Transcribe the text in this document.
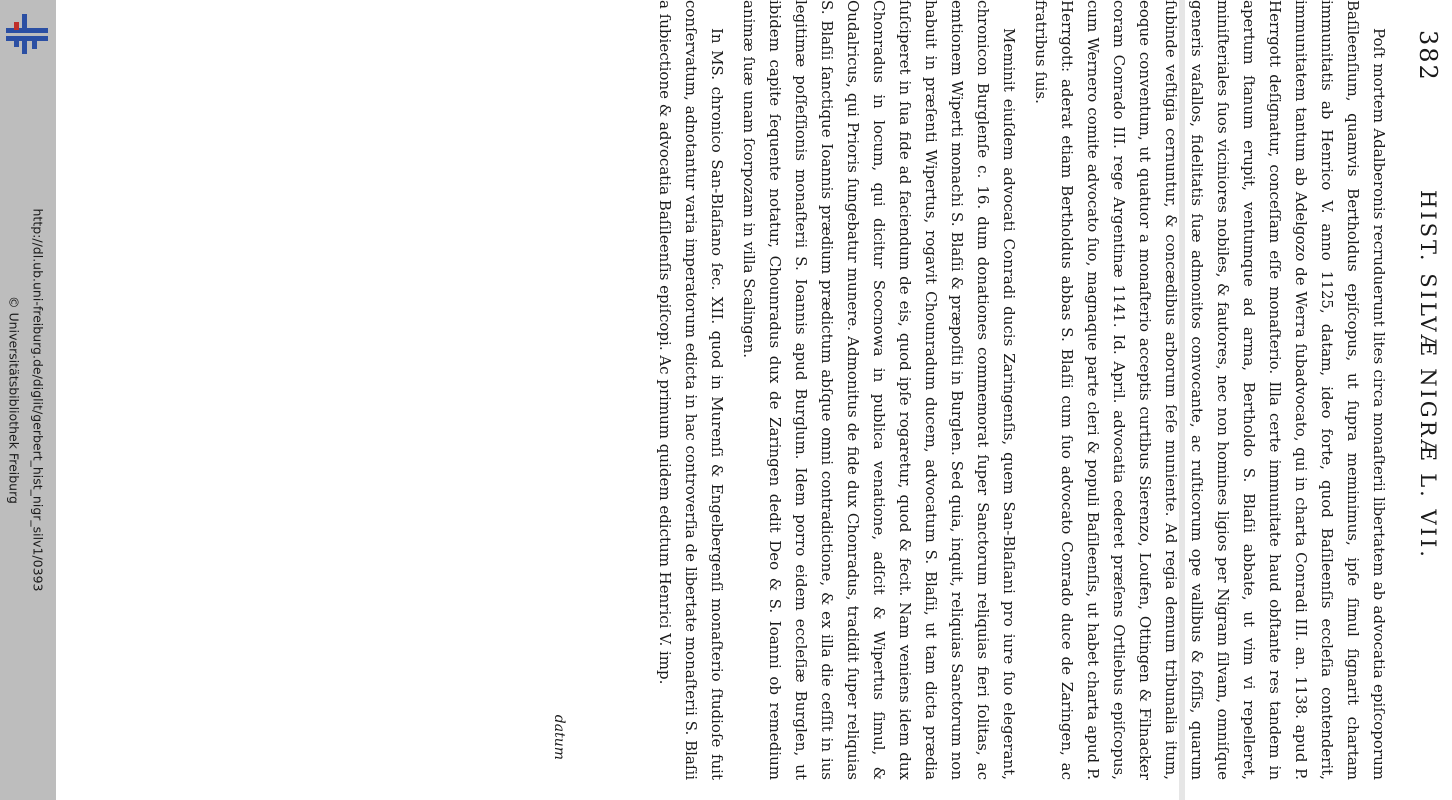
http://dl.ub.uni-freiburg.de/diglit/gerbert_hist_nigr_silv1/0393
© Universitätsbibliothek Freiburg
382
HIST. SILVÆ NIGRÆ L. VII.

Poſt mortem Adalberonis recruduerunt lites circa monaſterii libertatem ab advocatia epiſcoporum Baſileenſium, quamvis Bertholdus epiſcopus, ut ſupra meminimus, ipſe ſimul ſignarit chartam immunitatis ab Henrico V. anno 1125, datam, ideo forte, quod Baſileenſis eccleſia contenderit, immunitatem tantum ab Adelgozo de Werra ſubadvocato, qui in charta Conradi III. an. 1138. apud P. Herrgott deſignatur, conceſſam eſſe monaſterio. Illa certe immunitate haud obſtante res tandem in apertum ſtanum erupit, ventumque ad arma, Bertholdo S. Blaſii abbate, ut vim vi repelleret, miniſteriales ſuos viciniores nobiles, & fautores, nec non homines ligios per Nigram ſilvam, omniſque generis vaſallos, fidelitatis ſuæ admonitos convocante, ac ruſticorum ope vallibus & foſſis, quarum ſubinde veſtigia cernuntur, & concædibus arborum ſeſe muniente. Ad regia demum tribunalia itum, eoque conventum, ut quatuor a monaſterio acceptis curtibus Sierenzo, Loufen, Ottingen & Filnacker coram Conrado III. rege Argentinæ 1141. Id. April. advocatia cederet præſens Ortliebus epiſcopus, cum Wernero comite advocato ſuo, magnaque parte cleri & populi Baſileenſis, ut habet charta apud P. Herrgott: aderat etiam Bertholdus abbas S. Blaſii cum ſuo advocato Conrado duce de Zaringen, ac fratribus ſuis.

Meminit eiuſdem advocati Conradi ducis Zaringenſis, quem San-Blaſiani pro iure ſuo elegerant, chronicon Burglenſe c. 16. dum donationes commemorat ſuper Sanctorum reliquias fieri ſolitas, ac emtionem Wiperti monachi S. Blaſii & præpoſiti in Burglen. Sed quia, inquit, reliquias Sanctorum non habuit in præſenti Wipertus, rogavit Chounradum ducem, advocatum S. Blaſii, ut tam dicta prædia ſuſciperet in ſua fide ad faciendum de eis, quod ipſe rogaretur, quod & fecit. Nam veniens idem dux Chonradus in locum, qui dicitur Scocnowa in publica venatione, adſcit & Wipertus ſimul, & Oudalricus, qui Prioris ſungebatur munere. Admonitus de fide dux Chonradus, tradidit ſuper reliquias S. Blaſii ſanctique Ioannis prædium prædictum abſque omni contradictione, & ex illa die ceſſit in ius legitimæ poſſeſſionis monaſterii S. Ioannis apud Burglum. Idem porro eidem eccleſiæ Burglen, ut ibidem capite ſequente notatur, Chounradus dux de Zaringen dedit Deo & S. Ioanni ob remedium animæ ſuæ unam ſcorpozam in villa Scalingen.

In MS. chronico San-Blaſiano ſec. XII. quod in Murenſi & Engelbergenſi monaſterio ſtudioſe fuit conſervatum, adnotantur varia imperatorum edicta in hac controverſia de libertate monaſterii S. Blaſii a ſubiectione & advocatia Baſileenſis epiſcopi. Ac primum quidem edictum Henrici V. imp.

datum
